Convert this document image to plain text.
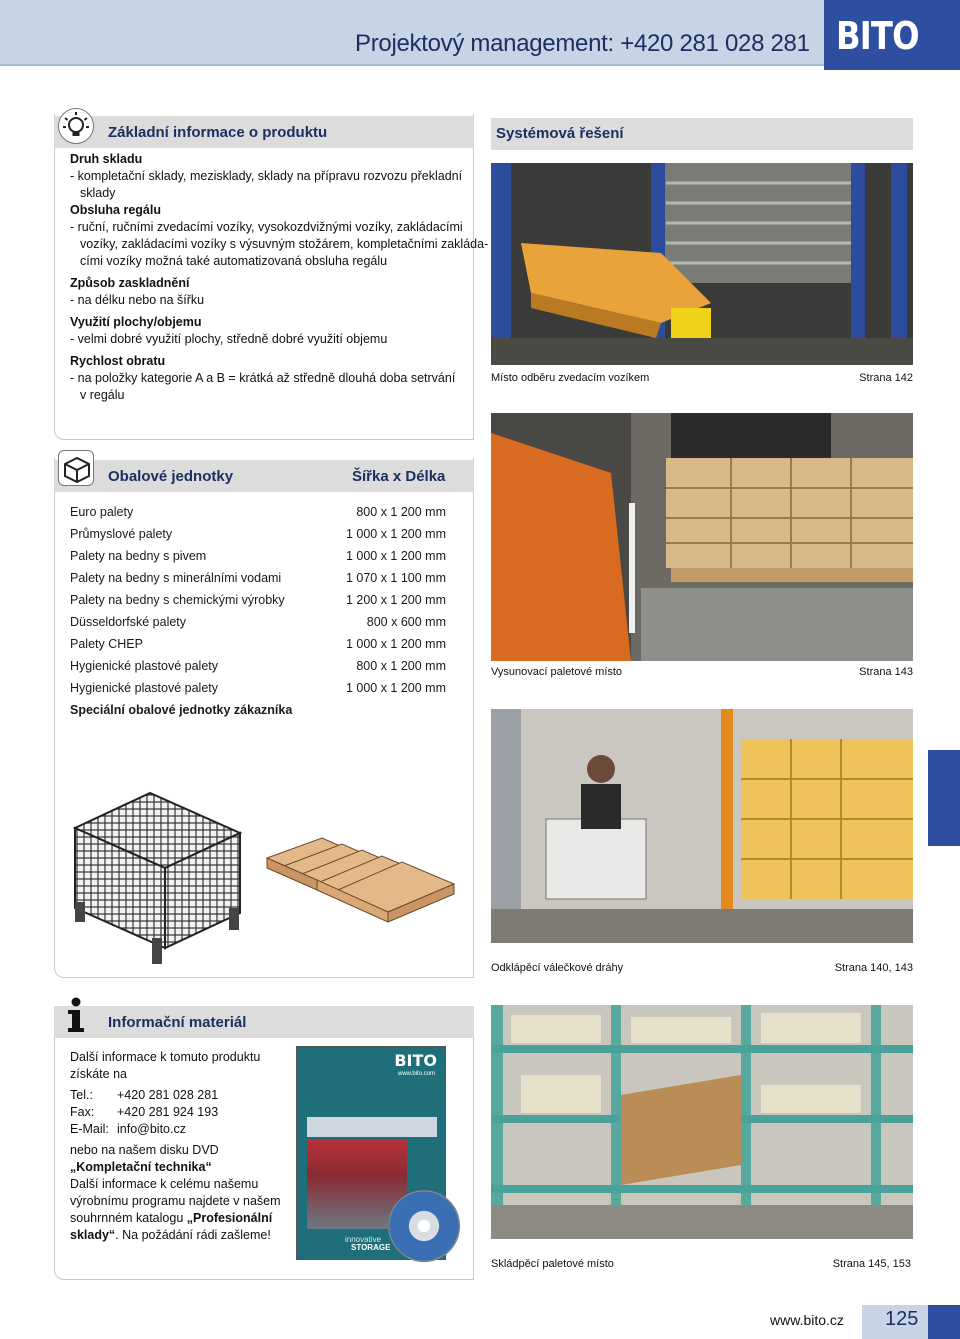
Projektový management: +420 281 028 281 BITO
Základní informace o produktu
Druh skladu
- kompletační sklady, mezisklady, sklady na přípravu rozvozu překladní
sklady
Obsluha regálu
- ruční, ručními zvedacími vozíky, vysokozdvižnými vozíky, zakládacími
vozíky, zakládacími vozíky s výsuvným stožárem, kompletačními zakláda-
cími vozíky možná také automatizovaná obsluha regálu
Způsob zaskladnění
- na délku nebo na šířku
Využití plochy/objemu
- velmi dobré využití plochy, středně dobré využití objemu
Rychlost obratu
- na položky kategorie A a B = krátká až středně dlouhá doba setrvání
v regálu
Obalové jednotky	Šířka x Délka
Euro palety	800 x 1 200 mm
Průmyslové palety	1 000 x 1 200 mm
Palety na bedny s pivem	1 000 x 1 200 mm
Palety na bedny s minerálními vodami	1 070 x 1 100 mm
Palety na bedny s chemickými výrobky	1 200 x 1 200 mm
Düsseldorfské palety	800 x 600 mm
Palety CHEP	1 000 x 1 200 mm
Hygienické plastové palety	800 x 1 200 mm
Hygienické plastové palety	1 000 x 1 200 mm
Speciální obalové jednotky zákazníka
Informační materiál
Další informace k tomuto produktu
získáte na
Tel.: +420 281 028 281
Fax: +420 281 924 193
E-Mail: info@bito.cz
nebo na našem disku DVD
„Kompletační technika“
Další informace k celému našemu
výrobnímu programu najdete v našem
souhrnném katalogu „Profesionální
sklady“. Na požádání rádi zašleme!
BITO
www.bito.com
innovative
STORAGE
Systémová řešení
Místo odběru zvedacím vozíkem	Strana 142
Vysunovací paletové místo	Strana 143
Odklápěcí válečkové dráhy	Strana 140, 143
Skládpěcí paletové místo	Strana 145, 153
www.bito.cz 125
